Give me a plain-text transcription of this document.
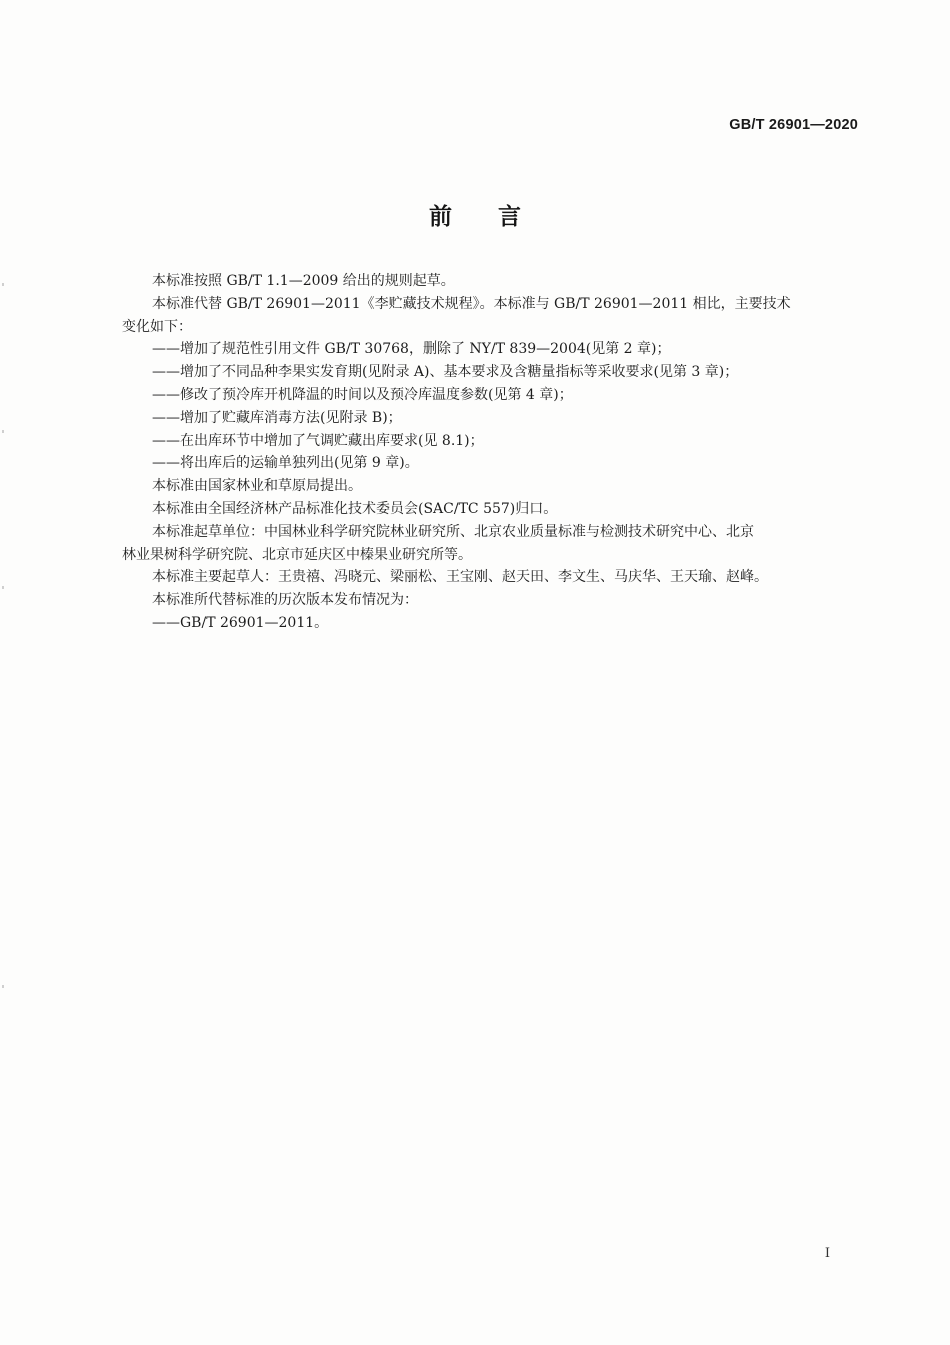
GB/T 26901—2020
前言

本标准按照 GB/T 1.1—2009 给出的规则起草。

本标准代替 GB/T 26901—2011《李贮藏技术规程》。本标准与 GB/T 26901—2011 相比，主要技术

变化如下：

——增加了规范性引用文件 GB/T 30768，删除了 NY/T 839—2004(见第 2 章)；

——增加了不同品种李果实发育期(见附录 A)、基本要求及含糖量指标等采收要求(见第 3 章)；

——修改了预冷库开机降温的时间以及预冷库温度参数(见第 4 章)；

——增加了贮藏库消毒方法(见附录 B)；

——在出库环节中增加了气调贮藏出库要求(见 8.1)；

——将出库后的运输单独列出(见第 9 章)。

本标准由国家林业和草原局提出。

本标准由全国经济林产品标准化技术委员会(SAC/TC 557)归口。

本标准起草单位：中国林业科学研究院林业研究所、北京农业质量标准与检测技术研究中心、北京

林业果树科学研究院、北京市延庆区中榛果业研究所等。

本标准主要起草人：王贵禧、冯晓元、梁丽松、王宝刚、赵天田、李文生、马庆华、王天瑜、赵峰。

本标准所代替标准的历次版本发布情况为：

——GB/T 26901—2011。

I
